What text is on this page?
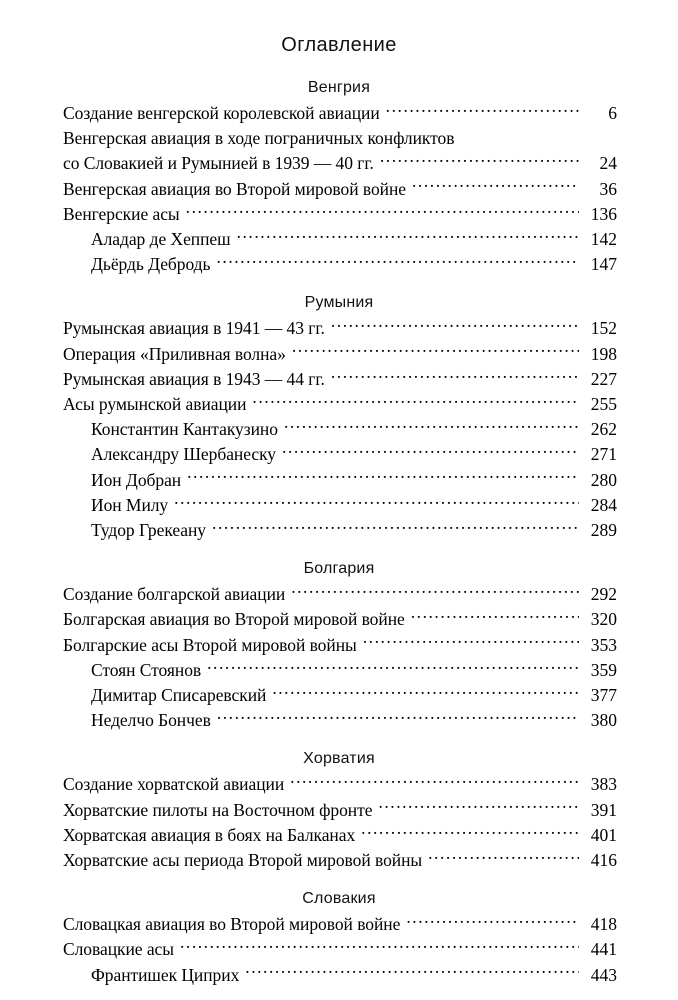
Оглавление
Венгрия
Создание венгерской королевской авиации .....	6
Венгерская авиация в ходе пограничных конфликтов
со Словакией и Румынией в 1939 — 40 гг. .....	24
Венгерская авиация во Второй мировой войне .....	36
Венгерские асы .....	136
Аладар де Хеппеш .....	142
Дьёрдь Дебродь .....	147
Румыния
Румынская авиация в 1941 — 43 гг. .....	152
Операция «Приливная волна» .....	198
Румынская авиация в 1943 — 44 гг. .....	227
Асы румынской авиации .....	255
Константин Кантакузино .....	262
Александру Шербанеску .....	271
Ион Добран .....	280
Ион Милу .....	284
Тудор Грекеану .....	289
Болгария
Создание болгарской авиации .....	292
Болгарская авиация во Второй мировой войне .....	320
Болгарские асы Второй мировой войны .....	353
Стоян Стоянов .....	359
Димитар Списаревский .....	377
Неделчо Бончев .....	380
Хорватия
Создание хорватской авиации .....	383
Хорватские пилоты на Восточном фронте .....	391
Хорватская авиация в боях на Балканах .....	401
Хорватские асы периода Второй мировой войны .....	416
Словакия
Словацкая авиация во Второй мировой войне .....	418
Словацкие асы .....	441
Франтишек Циприх .....	443
